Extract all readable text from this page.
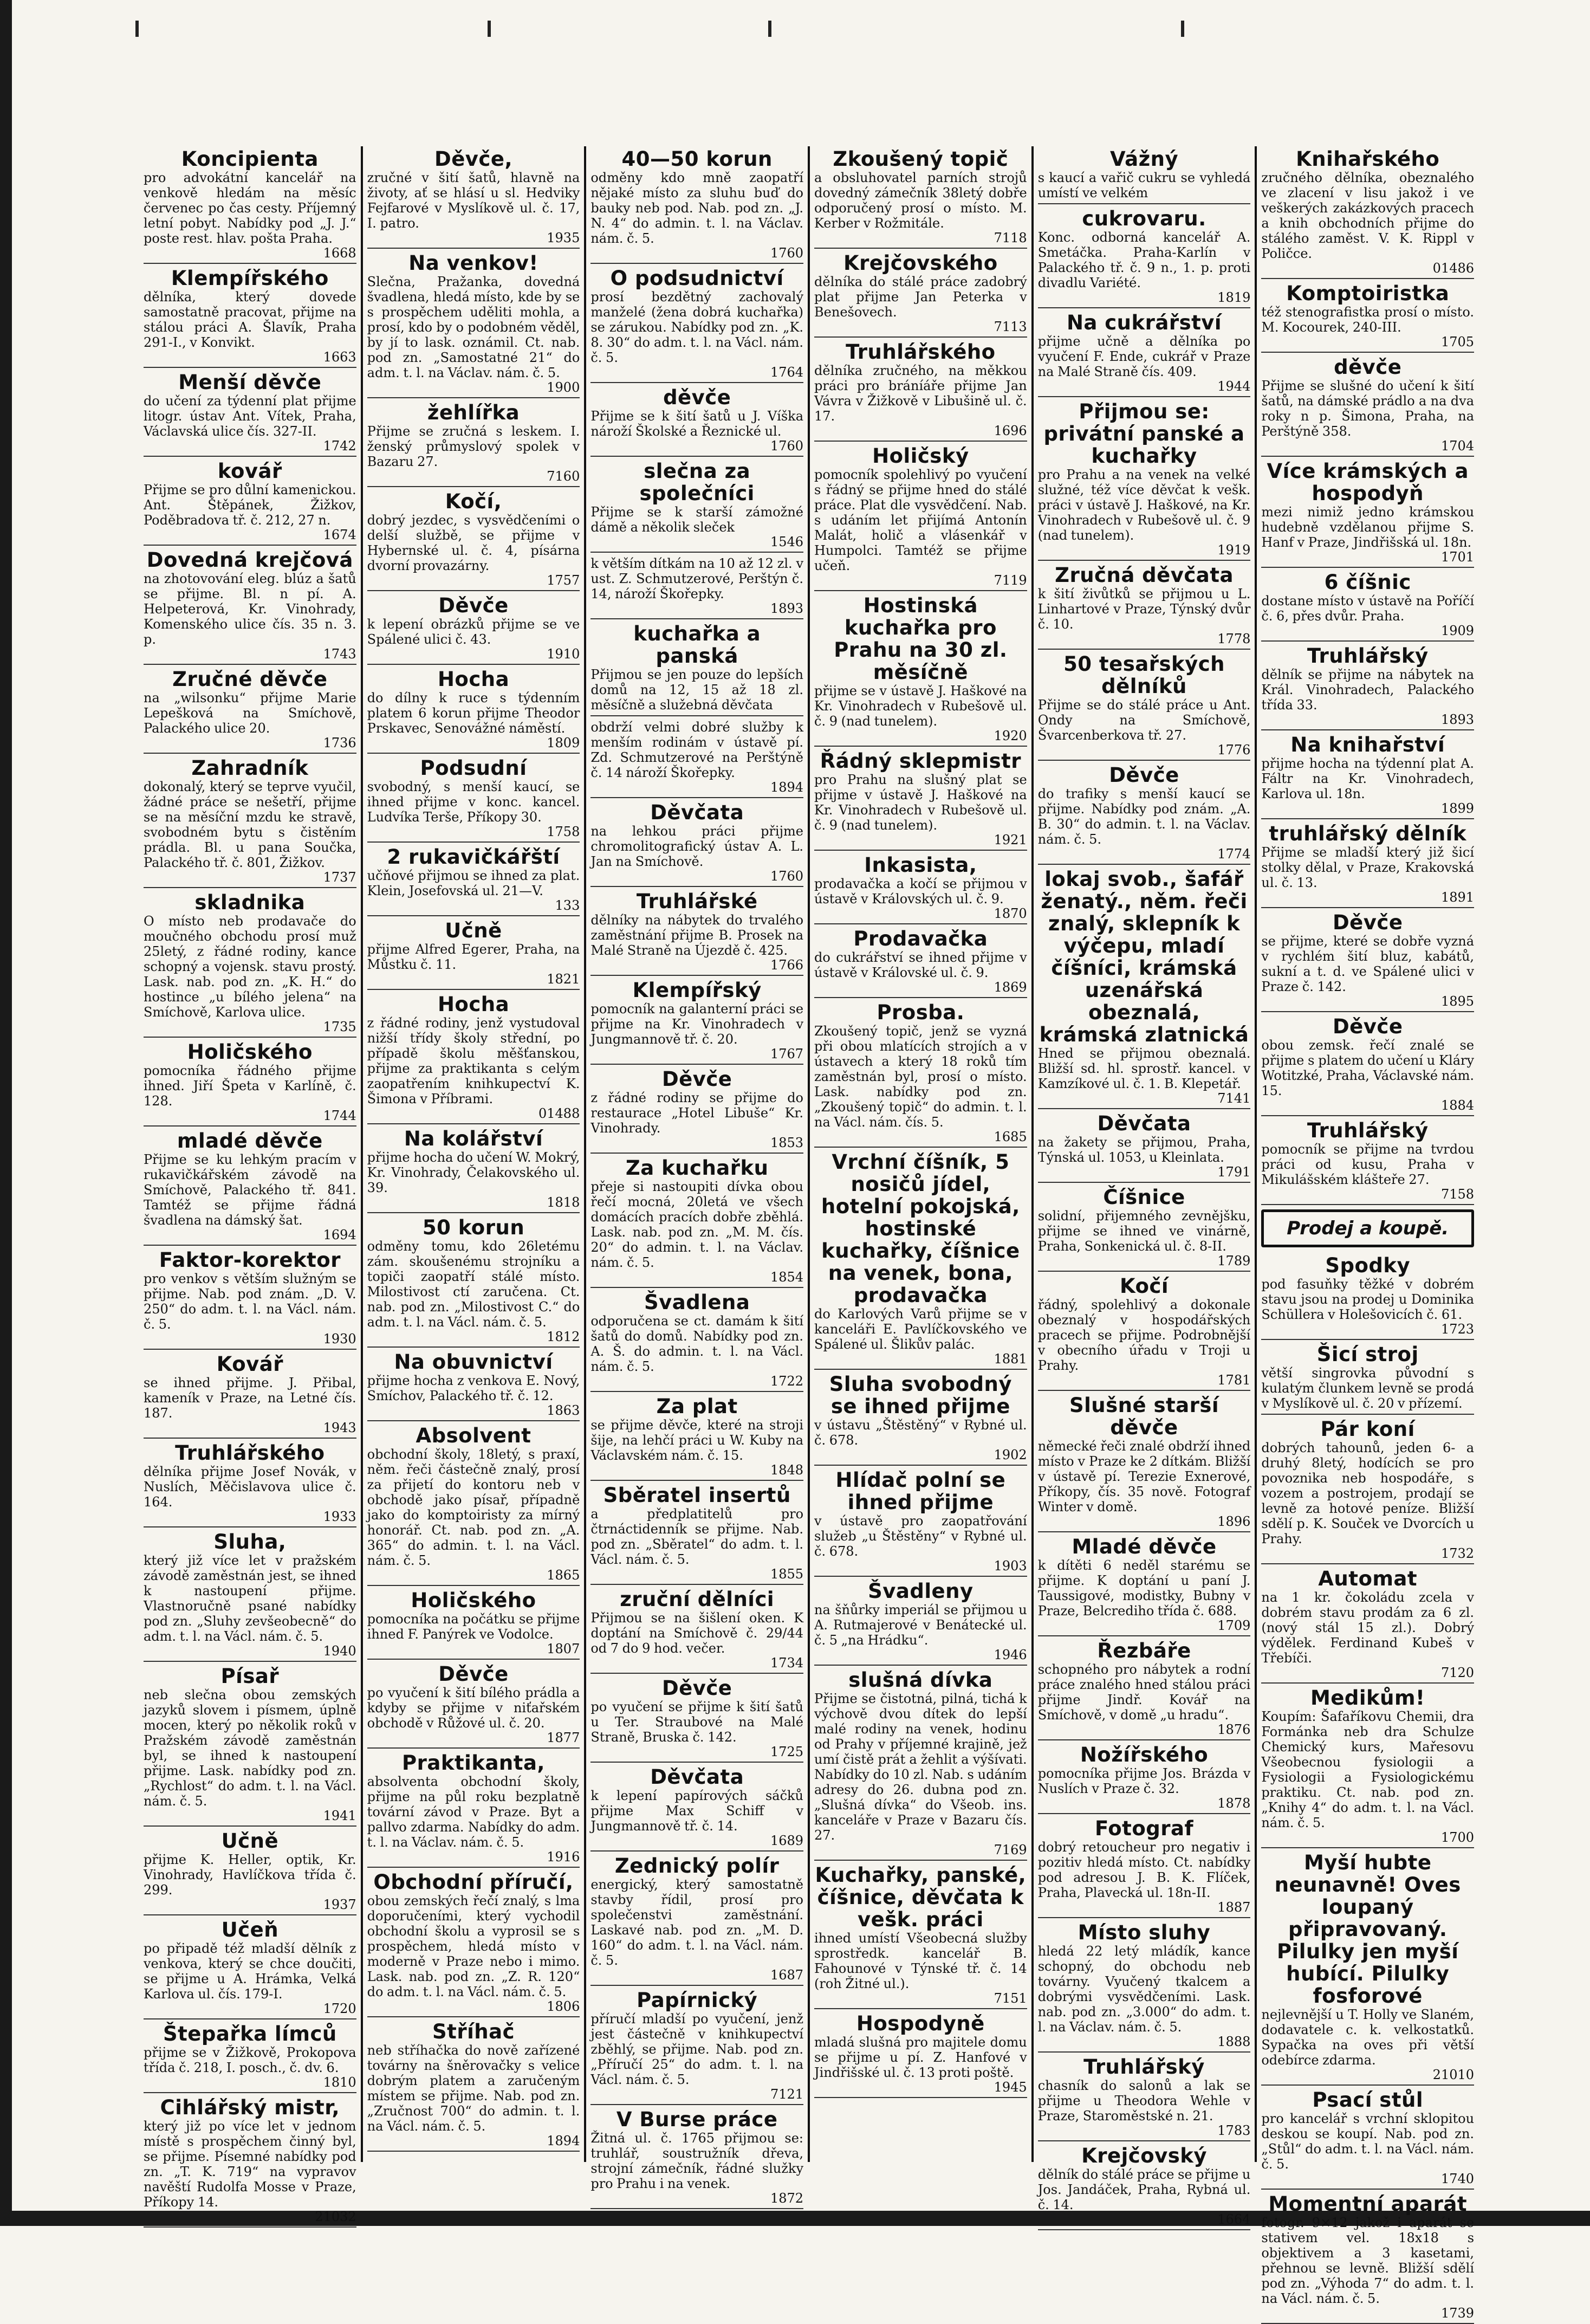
Koncipienta
pro advokátní kancelář na venkově hledám na měsíc červenec po čas cesty. Příjemný letní pobyt. Nabídky pod „J. J.“ poste rest. hlav. pošta Praha.
1668
Klempířského
dělníka, který dovede samostatně pracovat, přijme na stálou práci A. Šlavík, Praha 291-I., v Konvikt.
1663
Menší děvče
do učení za týdenní plat přijme litogr. ústav Ant. Vítek, Praha, Václavská ulice čís. 327-II.
1742
kovář
Přijme se pro důlní kamenickou. Ant. Štěpánek, Žižkov, Poděbradova tř. č. 212, 27 n.
1674
Dovedná krejčová
na zhotovování eleg. blúz a šatů se přijme. Bl. n pí. A. Helpeterová, Kr. Vinohrady, Komenského ulice čís. 35 n. 3. p.
1743
Zručné děvče
na „wilsonku“ přijme Marie Lepešková na Smíchově, Palackého ulice 20.
1736
Zahradník
dokonalý, který se teprve vyučil, žádné práce se nešetří, přijme se na měsíční mzdu ke stravě, svobodném bytu s čistěním prádla. Bl. u pana Součka, Palackého tř. č. 801, Žižkov.
1737
skladnika
O místo neb prodavače do moučného obchodu prosí muž 25letý, z řádné rodiny, kance schopný a vojensk. stavu prostý. Lask. nab. pod zn. „K. H.“ do hostince „u bílého jelena“ na Smíchově, Karlova ulice.
1735
Holičského
pomocníka řádného přijme ihned. Jiří Špeta v Karlíně, č. 128.
1744
mladé děvče
Přijme se ku lehkým pracím v rukavičkářském závodě na Smíchově, Palackého tř. 841. Tamtéž se přijme řádná švadlena na dámský šat.
1694
Faktor-korektor
pro venkov s větším služným se přijme. Nab. pod znám. „D. V. 250“ do adm. t. l. na Václ. nám. č. 5.
1930
Kovář
se ihned přijme. J. Přibal, kameník v Praze, na Letné čís. 187.
1943
Truhlářského
dělníka přijme Josef Novák, v Nuslích, Měčislavova ulice č. 164.
1933
Sluha,
který již více let v pražském závodě zaměstnán jest, se ihned k nastoupení přijme. Vlastnoručně psané nabídky pod zn. „Sluhy zevšeobecně“ do adm. t. l. na Václ. nám. č. 5.
1940
Písař
neb slečna obou zemských jazyků slovem i písmem, úplně mocen, který po několik roků v Pražském závodě zaměstnán byl, se ihned k nastoupení přijme. Lask. nabídky pod zn. „Rychlost“ do adm. t. l. na Václ. nám. č. 5.
1941
Učně
přijme K. Heller, optik, Kr. Vinohrady, Havlíčkova třída č. 299.
1937
Učeň
po připadě též mladší dělník z venkova, který se chce doučiti, se přijme u A. Hrámka, Velká Karlova ul. čís. 179-I.
1720
Štepařka límců
přijme se v Žižkově, Prokopova třída č. 218, I. posch., č. dv. 6.
1810
Cihlářský mistr,
který již po více let v jednom místě s prospěchem činný byl, se přijme. Písemné nabídky pod zn. „T. K. 719“ na vypravov navěští Rudolfa Mosse v Praze, Příkopy 14.
21032
Děvče,
zručné v šití šatů, hlavně na životy, ať se hlásí u sl. Hedviky Fejfarové v Myslíkově ul. č. 17, I. patro.
1935
Na venkov!
Slečna, Pražanka, dovedná švadlena, hledá místo, kde by se s prospěchem uděliti mohla, a prosí, kdo by o podobném věděl, by jí to lask. oznámil. Ct. nab. pod zn. „Samostatné 21“ do adm. t. l. na Václav. nám. č. 5.
1900
žehlířka
Přijme se zručná s leskem. I. ženský průmyslový spolek v Bazaru 27.
7160
Kočí,
dobrý jezdec, s vysvědčeními o delší službě, se přijme v Hybernské ul. č. 4, písárna dvorní provazárny.
1757
Děvče
k lepení obrázků přijme se ve Spálené ulici č. 43.
1910
Hocha
do dílny k ruce s týdenním platem 6 korun přijme Theodor Prskavec, Senovážné náměstí.
1809
Podsudní
svobodný, s menší kaucí, se ihned přijme v konc. kancel. Ludvíka Terše, Příkopy 30.
1758
2 rukavičkářští
učňové přijmou se ihned za plat. Klein, Josefovská ul. 21—V.
133
Učně
přijme Alfred Egerer, Praha, na Můstku č. 11.
1821
Hocha
z řádné rodiny, jenž vystudoval nižší třídy školy střední, po případě školu měšťanskou, přijme za praktikanta s celým zaopatřením knihkupectví K. Šimona v Příbrami.
01488
Na kolářství
přijme hocha do učení W. Mokrý, Kr. Vinohrady, Čelakovského ul. 39.
1818
50 korun
odměny tomu, kdo 26letému zám. skoušenému strojníku a topiči zaopatří stálé místo. Milostivost ctí zaručena. Ct. nab. pod zn. „Milostivost C.“ do adm. t. l. na Václ. nám. č. 5.
1812
Na obuvnictví
přijme hocha z venkova E. Nový, Smíchov, Palackého tř. č. 12.
1863
Absolvent
obchodní školy, 18letý, s praxí, něm. řeči částečně znalý, prosí za přijetí do kontoru neb v obchodě jako písař, případně jako do komptoiristy za mírný honorář. Ct. nab. pod zn. „A. 365“ do admin. t. l. na Václ. nám. č. 5.
1865
Holičského
pomocníka na počátku se přijme ihned F. Panýrek ve Vodolce.
1807
Děvče
po vyučení k šití bílého prádla a kdyby se přijme v niťařském obchodě v Růžové ul. č. 20.
1877
Praktikanta,
absolventa obchodní školy, přijme na půl roku bezplatně tovární závod v Praze. Byt a pallvo zdarma. Nabídky do adm. t. l. na Václav. nám. č. 5.
1916
Obchodní příručí,
obou zemských řečí znalý, s lma doporučeními, který vychodil obchodní školu a vyprosil se s prospěchem, hledá místo v moderně v Praze nebo i mimo. Lask. nab. pod zn. „Z. R. 120“ do adm. t. l. na Václ. nám. č. 5.
1806
Stříhač
neb stříhačka do nově zařízené továrny na šněrovačky s velice dobrým platem a zaručeným místem se přijme. Nab. pod zn. „Zručnost 700“ do admin. t. l. na Václ. nám. č. 5.
1894
40—50 korun
odměny kdo mně zaopatří nějaké místo za sluhu buď do bauky neb pod. Nab. pod zn. „J. N. 4“ do admin. t. l. na Václav. nám. č. 5.
1760
O podsudnictví
prosí bezdětný zachovalý manželé (žena dobrá kuchařka) se zárukou. Nabídky pod zn. „K. 8. 30“ do adm. t. l. na Václ. nám. č. 5.
1764
děvče
Přijme se k šití šatů u J. Víška nároží Školské a Řeznické ul.
1760
slečna za společníci
Přijme se k starší zámožné dámě a několik sleček
1546
k větším dítkám na 10 až 12 zl. v ust. Z. Schmutzerové, Perštýn č. 14, nároží Škořepky.
1893
kuchařka a panská
Přijmou se jen pouze do lepších domů na 12, 15 až 18 zl. měsíčně a služebná děvčata
obdrží velmi dobré služby k menším rodinám v ústavě pí. Zd. Schmutzerové na Perštýně č. 14 nároží Škořepky.
1894
Děvčata
na lehkou práci přijme chromolitografický ústav A. L. Jan na Smíchově.
1760
Truhlářské
dělníky na nábytek do trvalého zaměstnání přijme B. Prosek na Malé Straně na Újezdě č. 425.
1766
Klempířský
pomocník na galanterní práci se přijme na Kr. Vinohradech v Jungmannově tř. č. 20.
1767
Děvče
z řádné rodiny se přijme do restaurace „Hotel Libuše“ Kr. Vinohrady.
1853
Za kuchařku
přeje si nastoupiti dívka obou řečí mocná, 20letá ve všech domácích pracích dobře zběhlá. Lask. nab. pod zn. „M. M. čís. 20“ do admin. t. l. na Václav. nám. č. 5.
1854
Švadlena
odporučena se ct. damám k šití šatů do domů. Nabídky pod zn. A. Š. do admin. t. l. na Václ. nám. č. 5.
1722
Za plat
se přijme děvče, které na stroji šije, na lehčí práci u W. Kuby na Václavském nám. č. 15.
1848
Sběratel insertů
a předplatitelů pro čtrnáctidenník se přijme. Nab. pod zn. „Sběratel“ do adm. t. l. Václ. nám. č. 5.
1855
zruční dělníci
Přijmou se na šišlení oken. K doptání na Smíchově č. 29/44 od 7 do 9 hod. večer.
1734
Děvče
po vyučení se přijme k šití šatů u Ter. Straubové na Malé Straně, Bruska č. 142.
1725
Děvčata
k lepení papírových sáčků přijme Max Schiff v Jungmannově tř. č. 14.
1689
Zednický polír
energický, který samostatně stavby řídil, prosí pro společenstvi zaměstnání. Laskavé nab. pod zn. „M. D. 160“ do adm. t. l. na Václ. nám. č. 5.
1687
Papírnický
příručí mladší po vyučení, jenž jest částečně v knihkupectví zběhlý, se přijme. Nab. pod zn. „Příručí 25“ do adm. t. l. na Václ. nám. č. 5.
7121
V Burse práce
Žitná ul. č. 1765 přijmou se: truhlář, soustružník dřeva, strojní zámečník, řádné služky pro Prahu i na venek.
1872
Zkoušený topič
a obsluhovatel parních strojů dovedný zámečník 38letý dobře odporučený prosí o místo. M. Kerber v Rožmitále.
7118
Krejčovského
dělníka do stálé práce zadobrý plat přijme Jan Peterka v Benešovech.
7113
Truhlářského
dělníka zručného, na měkkou práci pro bráníáře přijme Jan Vávra v Žižkově v Libušině ul. č. 17.
1696
Holičský
pomocník spolehlivý po vyučení s řádný se přijme hned do stálé práce. Plat dle vysvědčení. Nab. s udáním let přijímá Antonín Malát, holič a vlásenkář v Humpolci. Tamtéž se přijme učeň.
7119
Hostinská kuchařka pro Prahu na 30 zl. měsíčně
přijme se v ústavě J. Haškové na Kr. Vinohradech v Rubešově ul. č. 9 (nad tunelem).
1920
Řádný sklepmistr
pro Prahu na slušný plat se přijme v ústavě J. Haškové na Kr. Vinohradech v Rubešově ul. č. 9 (nad tunelem).
1921
Inkasista,
prodavačka a kočí se přijmou v ústavě v Královských ul. č. 9.
1870
Prodavačka
do cukrářství se ihned přijme v ústavě v Královské ul. č. 9.
1869
Prosba.
Zkoušený topič, jenž se vyzná při obou mlatících strojích a v ústavech a který 18 roků tím zaměstnán byl, prosí o místo. Lask. nabídky pod zn. „Zkoušený topič“ do admin. t. l. na Václ. nám. čís. 5.
1685
Vrchní číšník, 5 nosičů jídel, hotelní pokojská, hostinské kuchařky, číšnice na venek, bona, prodavačka
do Karlových Varů přijme se v kanceláři E. Pavlíčkovského ve Spálené ul. Šlikův palác.
1881
Sluha svobodný se ihned přijme
v ústavu „Štěstěný“ v Rybné ul. č. 678.
1902
Hlídač polní se ihned přijme
v ústavě pro zaopatřování služeb „u Štěstěny“ v Rybné ul. č. 678.
1903
Švadleny
na šňůrky imperiál se přijmou u A. Rutmajerové v Benátecké ul. č. 5 „na Hrádku“.
1946
slušná dívka
Přijme se čistotná, pilná, tichá k výchově dvou dítek do lepší malé rodiny na venek, hodinu od Prahy v příjemné krajině, jež umí čistě prát a žehlit a výšívati. Nabídky do 10 zl. Nab. s udáním adresy do 26. dubna pod zn. „Slušná dívka“ do Všeob. ins. kanceláře v Praze v Bazaru čís. 27.
7169
Kuchařky, panské, číšnice, děvčata k vešk. práci
ihned umístí Všeobecná služby sprostředk. kancelář B. Fahounové v Týnské tř. č. 14 (roh Žitné ul.).
7151
Hospodyně
mladá slušná pro majitele domu se přijme u pí. Z. Hanfové v Jindřišské ul. č. 13 proti poště.
1945
Vážný
s kaucí a vařič cukru se vyhledá umístí ve velkém
cukrovaru.
Konc. odborná kancelář A. Smetáčka. Praha-Karlín v Palackého tř. č. 9 n., 1. p. proti divadlu Variété.
1819
Na cukrářství
přijme učně a dělníka po vyučení F. Ende, cukrář v Praze na Malé Straně čís. 409.
1944
Přijmou se: privátní panské a kuchařky
pro Prahu a na venek na velké služné, též více děvčat k vešk. práci v ústavě J. Haškové, na Kr. Vinohradech v Rubešově ul. č. 9 (nad tunelem).
1919
Zručná děvčata
k šití živůtků se přijmou u L. Linhartové v Praze, Týnský dvůr č. 10.
1778
50 tesařských dělníků
Přijme se do stálé práce u Ant. Ondy na Smíchově, Švarcenberkova tř. 27.
1776
Děvče
do trafiky s menší kaucí se přijme. Nabídky pod znám. „A. B. 30“ do admin. t. l. na Václav. nám. č. 5.
1774
lokaj svob., šafář ženatý., něm. řeči znalý, sklepník k výčepu, mladí číšníci, krámská uzenářská obeznalá, krámská zlatnická
Hned se přijmou obeznalá. Bližší sd. hl. sprostř. kancel. v Kamzíkové ul. č. 1. B. Klepetář.
7141
Děvčata
na žakety se přijmou, Praha, Týnská ul. 1053, u Kleinlata.
1791
Číšnice
solidní, přijemného zevnějšku, přijme se ihned ve vinárně, Praha, Sonkenická ul. č. 8-II.
1789
Kočí
řádný, spolehlivý a dokonale obeznalý v hospodářských pracech se přijme. Podrobnější v obecního úřadu v Troji u Prahy.
1781
Slušné starší děvče
německé řeči znalé obdrží ihned místo v Praze ke 2 dítkám. Bližší v ústavě pí. Terezie Exnerové, Příkopy, čís. 35 nově. Fotograf Winter v domě.
1896
Mladé děvče
k dítěti 6 neděl starému se přijme. K doptání u paní J. Taussigové, modistky, Bubny v Praze, Belcrediho třída č. 688.
1709
Řezbáře
schopného pro nábytek a rodní práce znalého hned stálou práci přijme Jindř. Kovář na Smíchově, v domě „u hradu“.
1876
Nožířského
pomocníka přijme Jos. Brázda v Nuslích v Praze č. 32.
1878
Fotograf
dobrý retoucheur pro negativ i pozitiv hledá místo. Ct. nabídky pod adresou J. B. K. Flíček, Praha, Plavecká ul. 18n-II.
1887
Místo sluhy
hledá 22 letý mládík, kance schopný, do obchodu neb továrny. Vyučený tkalcem a dobrými vysvědčeními. Lask. nab. pod zn. „3.000“ do adm. t. l. na Václav. nám. č. 5.
1888
Truhlářský
chasník do salonů a lak se přijme u Theodora Wehle v Praze, Staroměstské n. 21.
1783
Krejčovský
dělník do stálé práce se přijme u Jos. Jandáček, Praha, Rybná ul. č. 14.
1664
Knihařského
zručného dělníka, obeznalého ve zlacení v lisu jakož i ve veškerých zakázkových pracech a knih obchodních přijme do stálého zaměst. V. K. Rippl v Poličce.
01486
Komptoiristka
též stenografistka prosí o místo. M. Kocourek, 240-III.
1705
děvče
Přijme se slušné do učení k šití šatů, na dámské prádlo a na dva roky n p. Šimona, Praha, na Perštýně 358.
1704
Více krámských a hospodyň
mezi nimiž jedno krámskou hudebně vzdělanou přijme S. Hanf v Praze, Jindřišská ul. 18n.
1701
6 číšnic
dostane místo v ústavě na Poříčí č. 6, přes dvůr. Praha.
1909
Truhlářský
dělník se přijme na nábytek na Král. Vinohradech, Palackého třída 33.
1893
Na knihařství
přijme hocha na týdenní plat A. Fáltr na Kr. Vinohradech, Karlova ul. 18n.
1899
truhlářský dělník
Přijme se mladší který již šicí stolky dělal, v Praze, Krakovská ul. č. 13.
1891
Děvče
se přijme, které se dobře vyzná v rychlém šití bluz, kabátů, sukní a t. d. ve Spálené ulici v Praze č. 142.
1895
Děvče
obou zemsk. řečí znalé se přijme s platem do učení u Kláry Wotitzké, Praha, Václavské nám. 15.
1884
Truhlářský
pomocník se přijme na tvrdou práci od kusu, Praha v Mikulášském klášteře 27.
7158
Prodej a koupě.
Spodky
pod fasuňky těžké v dobrém stavu jsou na prodej u Dominika Schüllera v Holešovicích č. 61.
1723
Šicí stroj
větší singrovka původní s kulatým člunkem levně se prodá v Myslíkově ul. č. 20 v přízemí.
Pár koní
dobrých tahounů, jeden 6- a druhý 8letý, hodících se pro povoznika neb hospodáře, s vozem a postrojem, prodají se levně za hotové peníze. Bližší sdělí p. K. Souček ve Dvorcích u Prahy.
1732
Automat
na 1 kr. čokoládu zcela v dobrém stavu prodám za 6 zl. (nový stál 15 zl.). Dobrý výdělek. Ferdinand Kubeš v Třebíči.
7120
Medikům!
Koupím: Šafaříkovu Chemii, dra Formánka neb dra Schulze Chemický kurs, Mařesovu Všeobecnou fysiologii a Fysiologii a Fysiologickému praktiku. Ct. nab. pod zn. „Knihy 4“ do adm. t. l. na Václ. nám. č. 5.
1700
Myší hubte neunavně! Oves loupaný připravovaný. Pilulky jen myší hubící. Pilulky fosforové
nejlevnější u T. Holly ve Slaném, dodavatele c. k. velkostatků. Sypačka na oves při větší odebírce zdarma.
21010
Psací stůl
pro kancelář s vrchní sklopitou deskou se koupí. Nab. pod zn. „Stůl“ do adm. t. l. na Václ. nám. č. 5.
1740
Momentní aparát
fotogr. 9×12 jakož i aparát se stativem vel. 18x18 s objektivem a 3 kasetami, přehnou se levně. Bližší sdělí pod zn. „Výhoda 7“ do adm. t. l. na Václ. nám. č. 5.
1739
